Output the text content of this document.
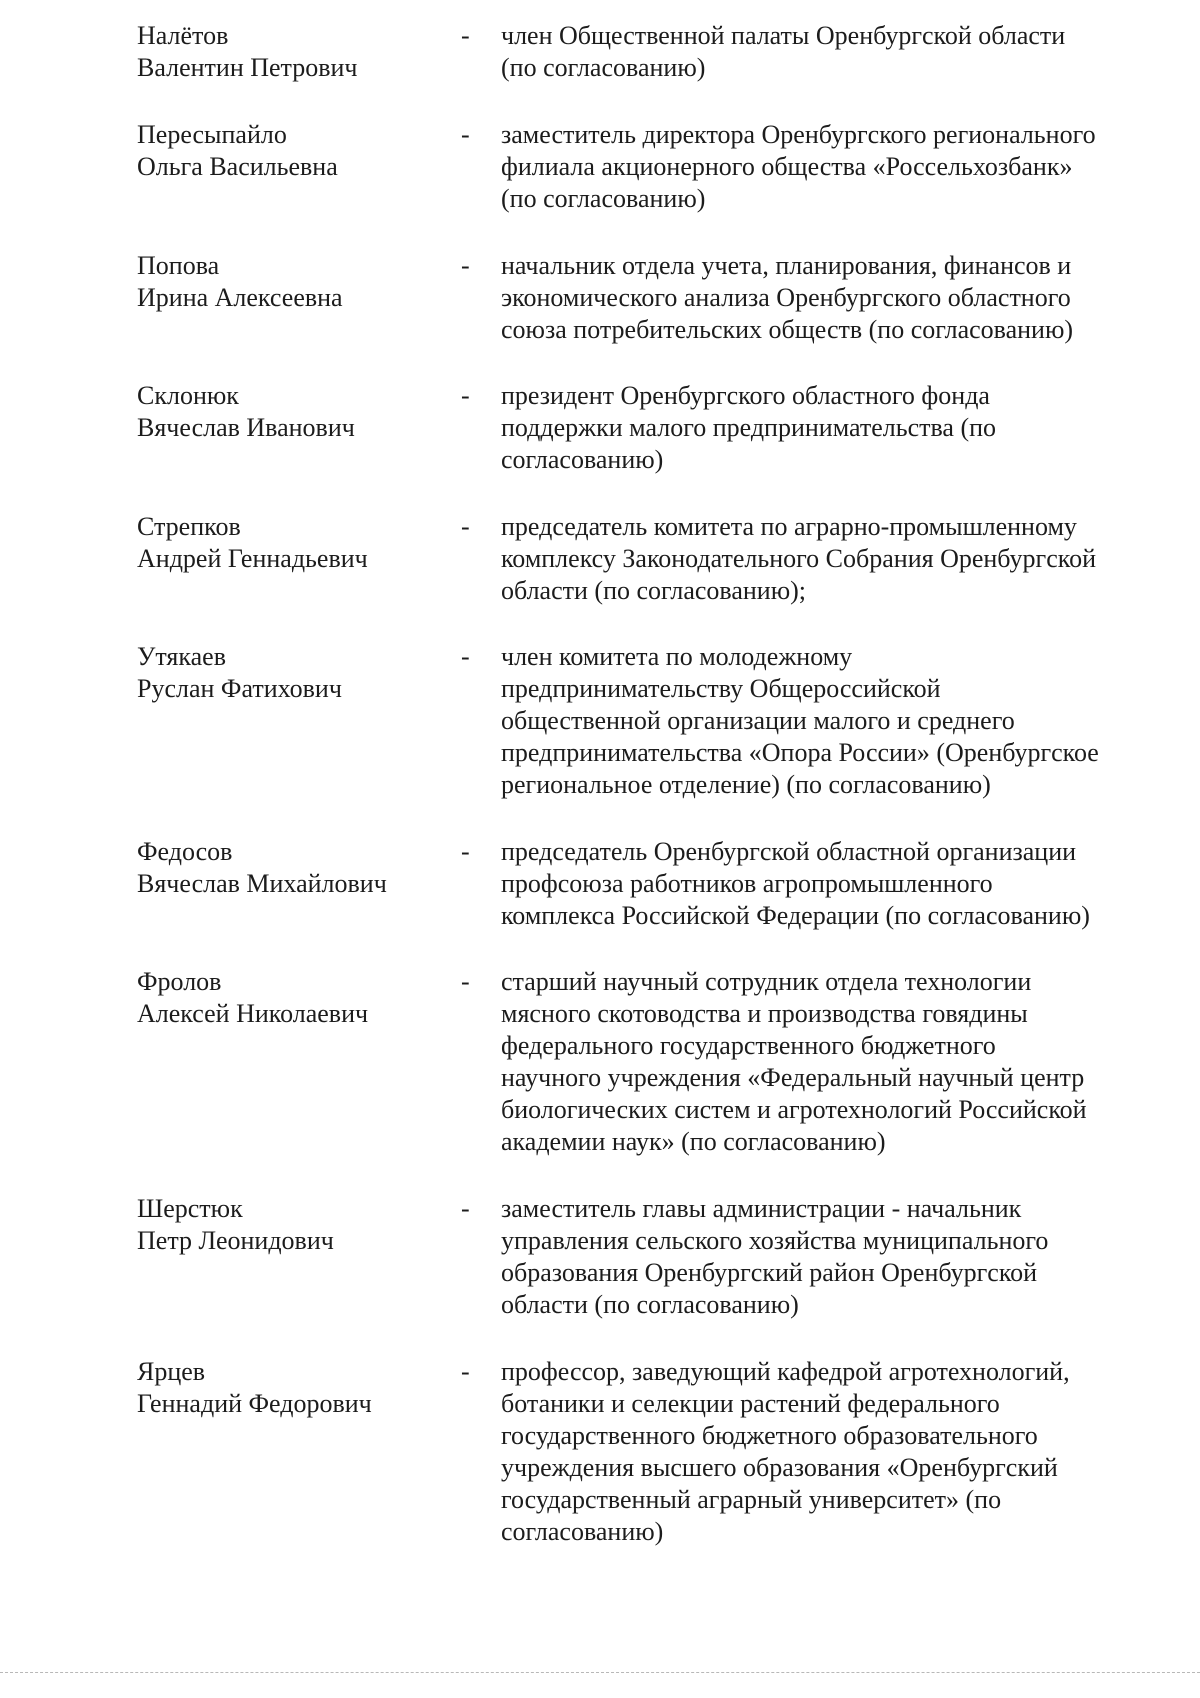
Налётов
Валентин Петрович
- член Общественной палаты Оренбургской области
(по согласованию)
Пересыпайло
Ольга Васильевна
- заместитель директора Оренбургского регионального
филиала акционерного общества «Россельхозбанк»
(по согласованию)
Попова
Ирина Алексеевна
- начальник отдела учета, планирования, финансов и
экономического анализа Оренбургского областного
союза потребительских обществ (по согласованию)
Склонюк
Вячеслав Иванович
- президент Оренбургского областного фонда
поддержки малого предпринимательства (по
согласованию)
Стрепков
Андрей Геннадьевич
- председатель комитета по аграрно-промышленному
комплексу Законодательного Собрания Оренбургской
области (по согласованию);
Утякаев
Руслан Фатихович
- член комитета по молодежному
предпринимательству Общероссийской
общественной организации малого и среднего
предпринимательства «Опора России» (Оренбургское
региональное отделение) (по согласованию)
Федосов
Вячеслав Михайлович
- председатель Оренбургской областной организации
профсоюза работников агропромышленного
комплекса Российской Федерации (по согласованию)
Фролов
Алексей Николаевич
- старший научный сотрудник отдела технологии
мясного скотоводства и производства говядины
федерального государственного бюджетного
научного учреждения «Федеральный научный центр
биологических систем и агротехнологий Российской
академии наук» (по согласованию)
Шерстюк
Петр Леонидович
- заместитель главы администрации - начальник
управления сельского хозяйства муниципального
образования Оренбургский район Оренбургской
области (по согласованию)
Ярцев
Геннадий Федорович
- профессор, заведующий кафедрой агротехнологий,
ботаники и селекции растений федерального
государственного бюджетного образовательного
учреждения высшего образования «Оренбургский
государственный аграрный университет» (по
согласованию)
